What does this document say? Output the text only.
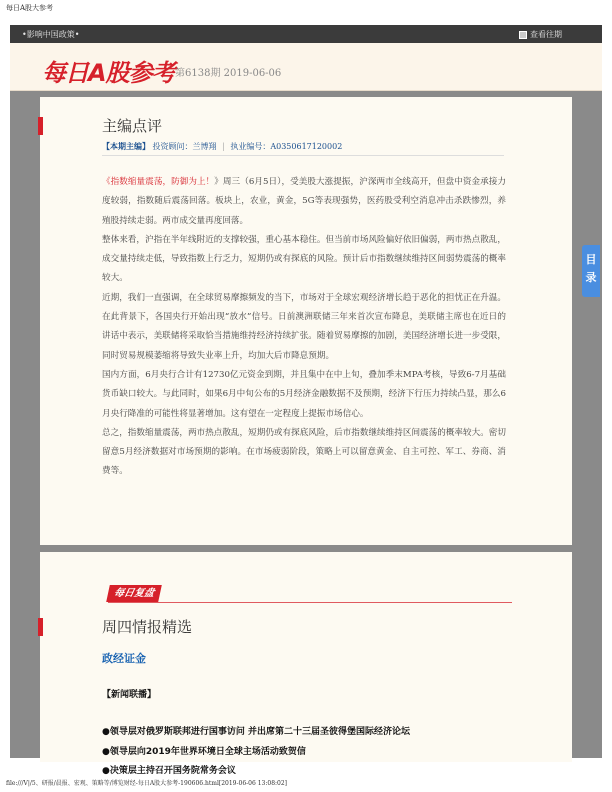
每日A股大参考
•影响中国政策•	查看往期
每日A股参考 第6138期 2019-06-06
主编点评
【本期主编】 投资顾问：兰博翔 | 执业编号：A0350617120002

《指数缩量震荡，防御为上！》周三（6月5日），受美股大涨提振，沪深两市全线高开，但盘中资金承接力度较弱，指数随后震荡回落。板块上，农业，黄金，5G等表现强势，医药股受利空消息冲击杀跌惨烈，养殖股持续走弱。两市成交量再度回落。

整体来看，沪指在半年线附近的支撑较强，重心基本稳住。但当前市场风险偏好依旧偏弱，两市热点散乱，成交量持续走低，导致指数上行乏力，短期仍或有探底的风险。预计后市指数继续维持区间弱势震荡的概率较大。

近期，我们一直强调，在全球贸易摩擦频发的当下，市场对于全球宏观经济增长趋于恶化的担忧正在升温。在此背景下，各国央行开始出现“放水”信号。日前澳洲联储三年来首次宣布降息，美联储主席也在近日的讲话中表示，美联储将采取恰当措施维持经济持续扩张。随着贸易摩擦的加剧，美国经济增长进一步受限，同时贸易规模萎缩将导致失业率上升，均加大后市降息预期。

国内方面，6月央行合计有12730亿元资金到期，并且集中在中上旬，叠加季末MPA考核，导致6-7月基础货币缺口较大。与此同时，如果6月中旬公布的5月经济金融数据不及预期，经济下行压力持续凸显，那么6月央行降准的可能性将显著增加。这有望在一定程度上提振市场信心。

总之，指数缩量震荡，两市热点散乱，短期仍或有探底风险，后市指数继续维持区间震荡的概率较大。密切留意5月经济数据对市场预期的影响。在市场疲弱阶段，策略上可以留意黄金、自主可控、军工、券商、消费等。

每日复盘
周四情报精选
政经证金
【新闻联播】
●领导层对俄罗斯联邦进行国事访问 并出席第二十三届圣彼得堡国际经济论坛
●领导层向2019年世界环境日全球主场活动致贺信
●决策层主持召开国务院常务会议
目
录
file:///V|/5、研报/晨报、宏观、策略等/博览财经-每日A股大参考-190606.html[2019-06-06 13:08:02]
